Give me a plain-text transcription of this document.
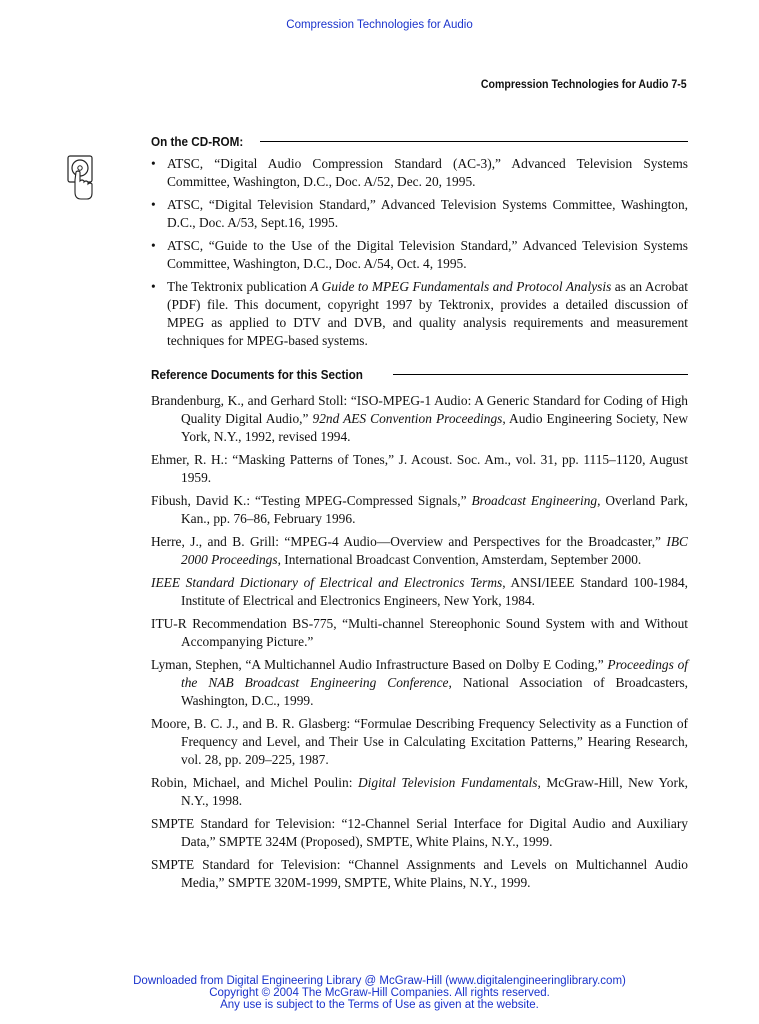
Compression Technologies for Audio
Compression Technologies for Audio 7-5
On the CD-ROM:
• ATSC, “Digital Audio Compression Standard (AC-3),” Advanced Television Systems Committee, Washington, D.C., Doc. A/52, Dec. 20, 1995.
• ATSC, “Digital Television Standard,” Advanced Television Systems Committee, Washington, D.C., Doc. A/53, Sept.16, 1995.
• ATSC, “Guide to the Use of the Digital Television Standard,” Advanced Television Systems Committee, Washington, D.C., Doc. A/54, Oct. 4, 1995.
• The Tektronix publication A Guide to MPEG Fundamentals and Protocol Analysis as an Acrobat (PDF) file. This document, copyright 1997 by Tektronix, provides a detailed discussion of MPEG as applied to DTV and DVB, and quality analysis requirements and measurement techniques for MPEG-based systems.
Reference Documents for this Section
Brandenburg, K., and Gerhard Stoll: “ISO-MPEG-1 Audio: A Generic Standard for Coding of High Quality Digital Audio,” 92nd AES Convention Proceedings, Audio Engineering Society, New York, N.Y., 1992, revised 1994.
Ehmer, R. H.: “Masking Patterns of Tones,” J. Acoust. Soc. Am., vol. 31, pp. 1115–1120, August 1959.
Fibush, David K.: “Testing MPEG-Compressed Signals,” Broadcast Engineering, Overland Park, Kan., pp. 76–86, February 1996.
Herre, J., and B. Grill: “MPEG-4 Audio—Overview and Perspectives for the Broadcaster,” IBC 2000 Proceedings, International Broadcast Convention, Amsterdam, September 2000.
IEEE Standard Dictionary of Electrical and Electronics Terms, ANSI/IEEE Standard 100-1984, Institute of Electrical and Electronics Engineers, New York, 1984.
ITU-R Recommendation BS-775, “Multi-channel Stereophonic Sound System with and Without Accompanying Picture.”
Lyman, Stephen, “A Multichannel Audio Infrastructure Based on Dolby E Coding,” Proceedings of the NAB Broadcast Engineering Conference, National Association of Broadcasters, Washington, D.C., 1999.
Moore, B. C. J., and B. R. Glasberg: “Formulae Describing Frequency Selectivity as a Function of Frequency and Level, and Their Use in Calculating Excitation Patterns,” Hearing Research, vol. 28, pp. 209–225, 1987.
Robin, Michael, and Michel Poulin: Digital Television Fundamentals, McGraw-Hill, New York, N.Y., 1998.
SMPTE Standard for Television: “12-Channel Serial Interface for Digital Audio and Auxiliary Data,” SMPTE 324M (Proposed), SMPTE, White Plains, N.Y., 1999.
SMPTE Standard for Television: “Channel Assignments and Levels on Multichannel Audio Media,” SMPTE 320M-1999, SMPTE, White Plains, N.Y., 1999.
Downloaded from Digital Engineering Library @ McGraw-Hill (www.digitalengineeringlibrary.com)
Copyright © 2004 The McGraw-Hill Companies. All rights reserved.
Any use is subject to the Terms of Use as given at the website.
